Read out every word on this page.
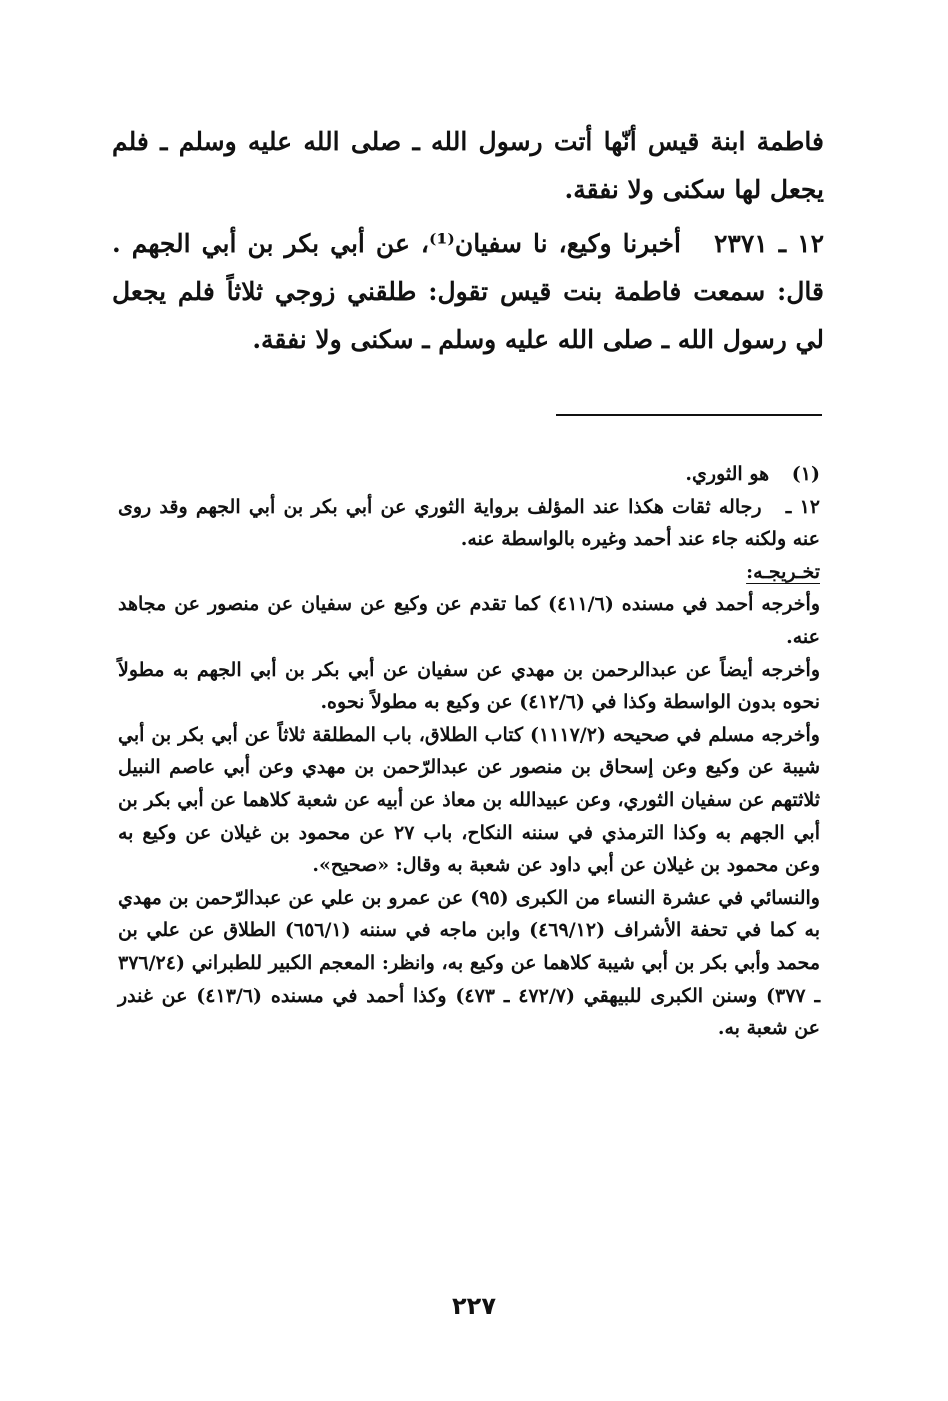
فاطمة ابنة قيس أنّها أتت رسول الله ـ صلى الله عليه وسلم ـ فلم يجعل لها سكنى ولا نفقة.

١٢ ـ ٢٣٧١ أخبرنا وكيع، نا سفيان⁽¹⁾، عن أبي بكر بن أبي الجهم . قال: سمعت فاطمة بنت قيس تقول: طلقني زوجي ثلاثاً فلم يجعل لي رسول الله ـ صلى الله عليه وسلم ـ سكنى ولا نفقة.

(١) هو الثوري.

١٢ ـ رجاله ثقات هكذا عند المؤلف برواية الثوري عن أبي بكر بن أبي الجهم وقد روى عنه ولكنه جاء عند أحمد وغيره بالواسطة عنه.

تخـريجـه:

وأخرجه أحمد في مسنده (٤١١/٦) كما تقدم عن وكيع عن سفيان عن منصور عن مجاهد عنه.

وأخرجه أيضاً عن عبدالرحمن بن مهدي عن سفيان عن أبي بكر بن أبي الجهم به مطولاً نحوه بدون الواسطة وكذا في (٤١٢/٦) عن وكيع به مطولاً نحوه.

وأخرجه مسلم في صحيحه (١١١٧/٢) كتاب الطلاق، باب المطلقة ثلاثاً عن أبي بكر بن أبي شيبة عن وكيع وعن إسحاق بن منصور عن عبدالرّحمن بن مهدي وعن أبي عاصم النبيل ثلاثتهم عن سفيان الثوري، وعن عبيدالله بن معاذ عن أبيه عن شعبة كلاهما عن أبي بكر بن أبي الجهم به وكذا الترمذي في سننه النكاح، باب ٢٧ عن محمود بن غيلان عن وكيع به وعن محمود بن غيلان عن أبي داود عن شعبة به وقال: «صحيح».

والنسائي في عشرة النساء من الكبرى (٩٥) عن عمرو بن علي عن عبدالرّحمن بن مهدي به كما في تحفة الأشراف (٤٦٩/١٢) وابن ماجه في سننه (٦٥٦/١) الطلاق عن علي بن محمد وأبي بكر بن أبي شيبة كلاهما عن وكيع به، وانظر: المعجم الكبير للطبراني (٣٧٦/٢٤ ـ ٣٧٧) وسنن الكبرى للبيهقي (٤٧٢/٧ ـ ٤٧٣) وكذا أحمد في مسنده (٤١٣/٦) عن غندر عن شعبة به.

٢٢٧
